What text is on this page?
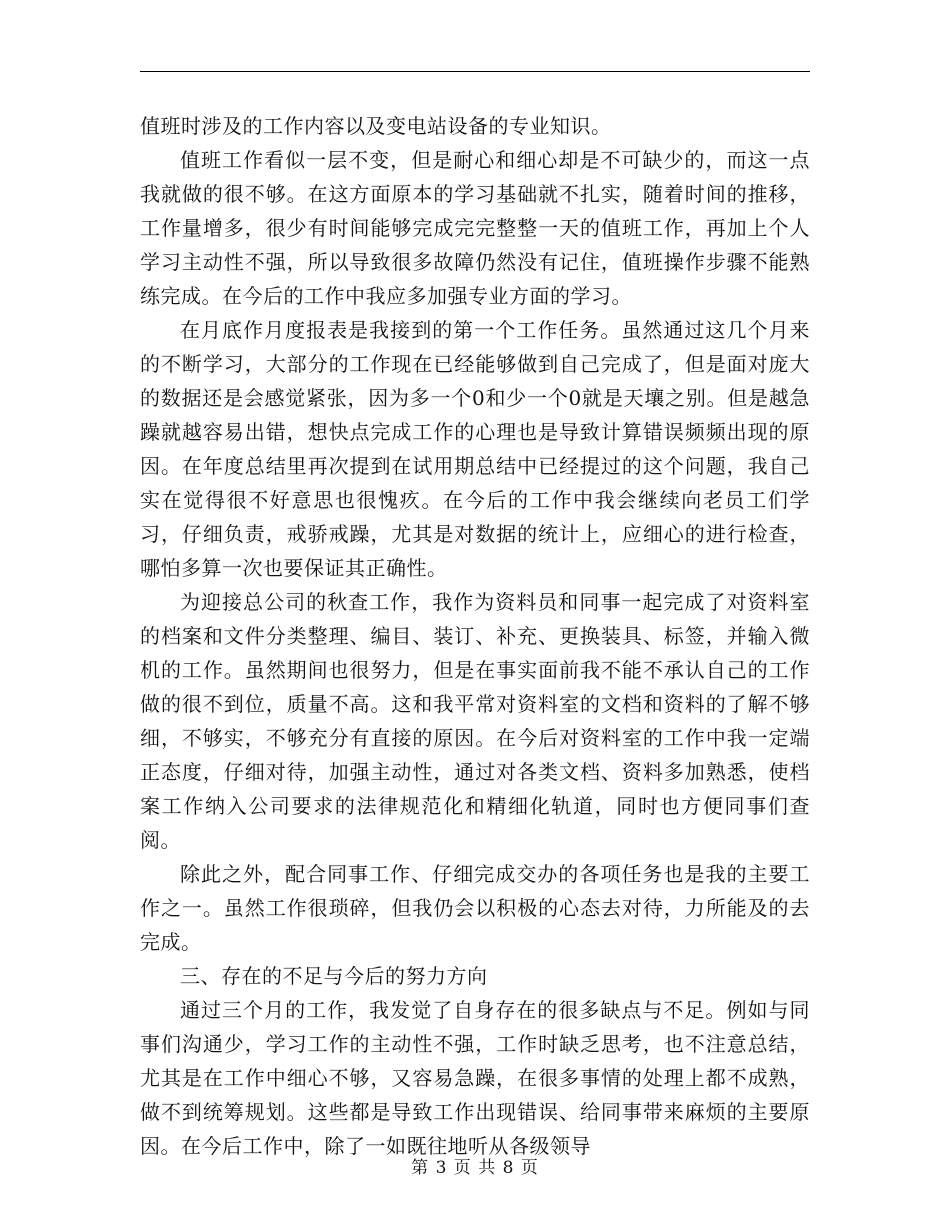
值班时涉及的工作内容以及变电站设备的专业知识。

值班工作看似一层不变，但是耐心和细心却是不可缺少的，而这一点我就做的很不够。在这方面原本的学习基础就不扎实，随着时间的推移，工作量增多，很少有时间能够完成完完整整一天的值班工作，再加上个人学习主动性不强，所以导致很多故障仍然没有记住，值班操作步骤不能熟练完成。在今后的工作中我应多加强专业方面的学习。

在月底作月度报表是我接到的第一个工作任务。虽然通过这几个月来的不断学习，大部分的工作现在已经能够做到自己完成了，但是面对庞大的数据还是会感觉紧张，因为多一个0和少一个0就是天壤之别。但是越急躁就越容易出错，想快点完成工作的心理也是导致计算错误频频出现的原因。在年度总结里再次提到在试用期总结中已经提过的这个问题，我自己实在觉得很不好意思也很愧疚。在今后的工作中我会继续向老员工们学习，仔细负责，戒骄戒躁，尤其是对数据的统计上，应细心的进行检查，哪怕多算一次也要保证其正确性。

为迎接总公司的秋查工作，我作为资料员和同事一起完成了对资料室的档案和文件分类整理、编目、装订、补充、更换装具、标签，并输入微机的工作。虽然期间也很努力，但是在事实面前我不能不承认自己的工作做的很不到位，质量不高。这和我平常对资料室的文档和资料的了解不够细，不够实，不够充分有直接的原因。在今后对资料室的工作中我一定端正态度，仔细对待，加强主动性，通过对各类文档、资料多加熟悉，使档案工作纳入公司要求的法律规范化和精细化轨道，同时也方便同事们查阅。

除此之外，配合同事工作、仔细完成交办的各项任务也是我的主要工作之一。虽然工作很琐碎，但我仍会以积极的心态去对待，力所能及的去完成。

三、存在的不足与今后的努力方向

通过三个月的工作，我发觉了自身存在的很多缺点与不足。例如与同事们沟通少，学习工作的主动性不强，工作时缺乏思考，也不注意总结，尤其是在工作中细心不够，又容易急躁，在很多事情的处理上都不成熟，做不到统筹规划。这些都是导致工作出现错误、给同事带来麻烦的主要原因。在今后工作中，除了一如既往地听从各级领导

第 3 页 共 8 页
